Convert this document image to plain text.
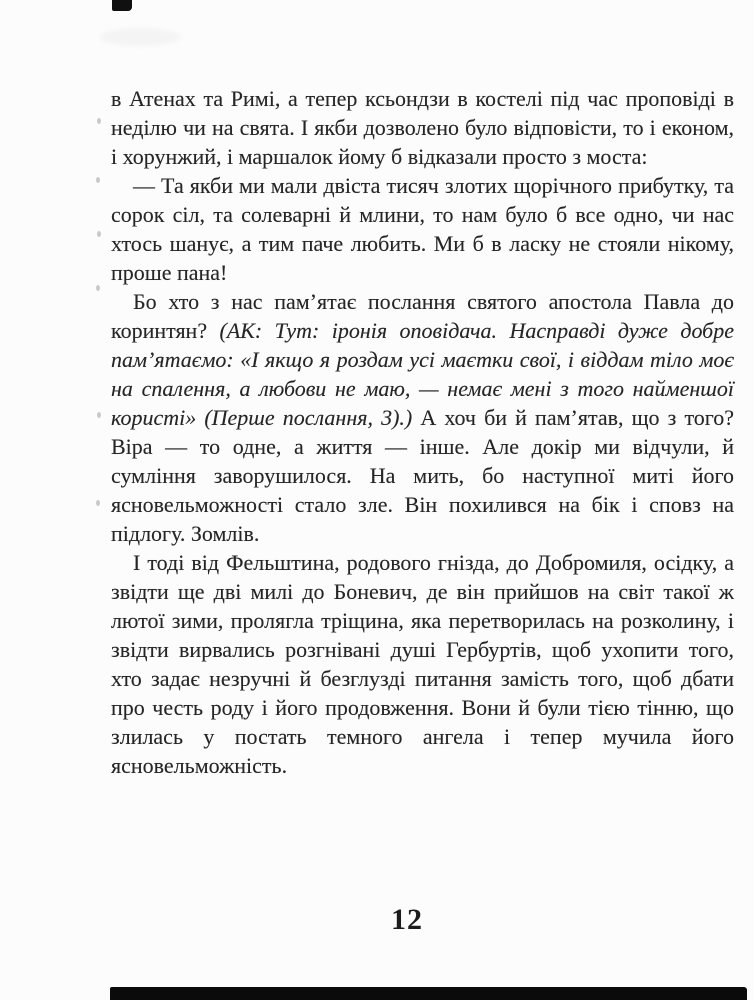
в Атенах та Римі, а тепер ксьондзи в костелі під час проповіді в неділю чи на свята. І якби дозволено було відповісти, то і економ, і хорунжий, і маршалок йому б відказали просто з моста:

— Та якби ми мали двіста тисяч злотих щорічного прибутку, та сорок сіл, та солеварні й млини, то нам було б все одно, чи нас хтось шанує, а тим паче любить. Ми б в ласку не стояли нікому, проше пана!

Бо хто з нас пам’ятає послання святого апостола Павла до коринтян? (АК: Тут: іронія оповідача. Насправді дуже добре пам’ятаємо: «І якщо я роздам усі маєтки свої, і віддам тіло моє на спалення, а любови не маю, — немає мені з того найменшої користі» (Перше послання, 3).) А хоч би й пам’ятав, що з того? Віра — то одне, а життя — інше. Але докір ми відчули, й сумління заворушилося. На мить, бо наступної миті його ясновельможності стало зле. Він похилився на бік і сповз на підлогу. Зомлів.

І тоді від Фельштина, родового гнізда, до Добромиля, осідку, а звідти ще дві милі до Боневич, де він прийшов на світ такої ж лютої зими, пролягла тріщина, яка перетворилась на розколину, і звідти вирвались розгнівані душі Гербуртів, щоб ухопити того, хто задає незручні й безглузді питання замість того, щоб дбати про честь роду і його продовження. Вони й були тією тінню, що злилась у постать темного ангела і тепер мучила його ясновельможність.

12
